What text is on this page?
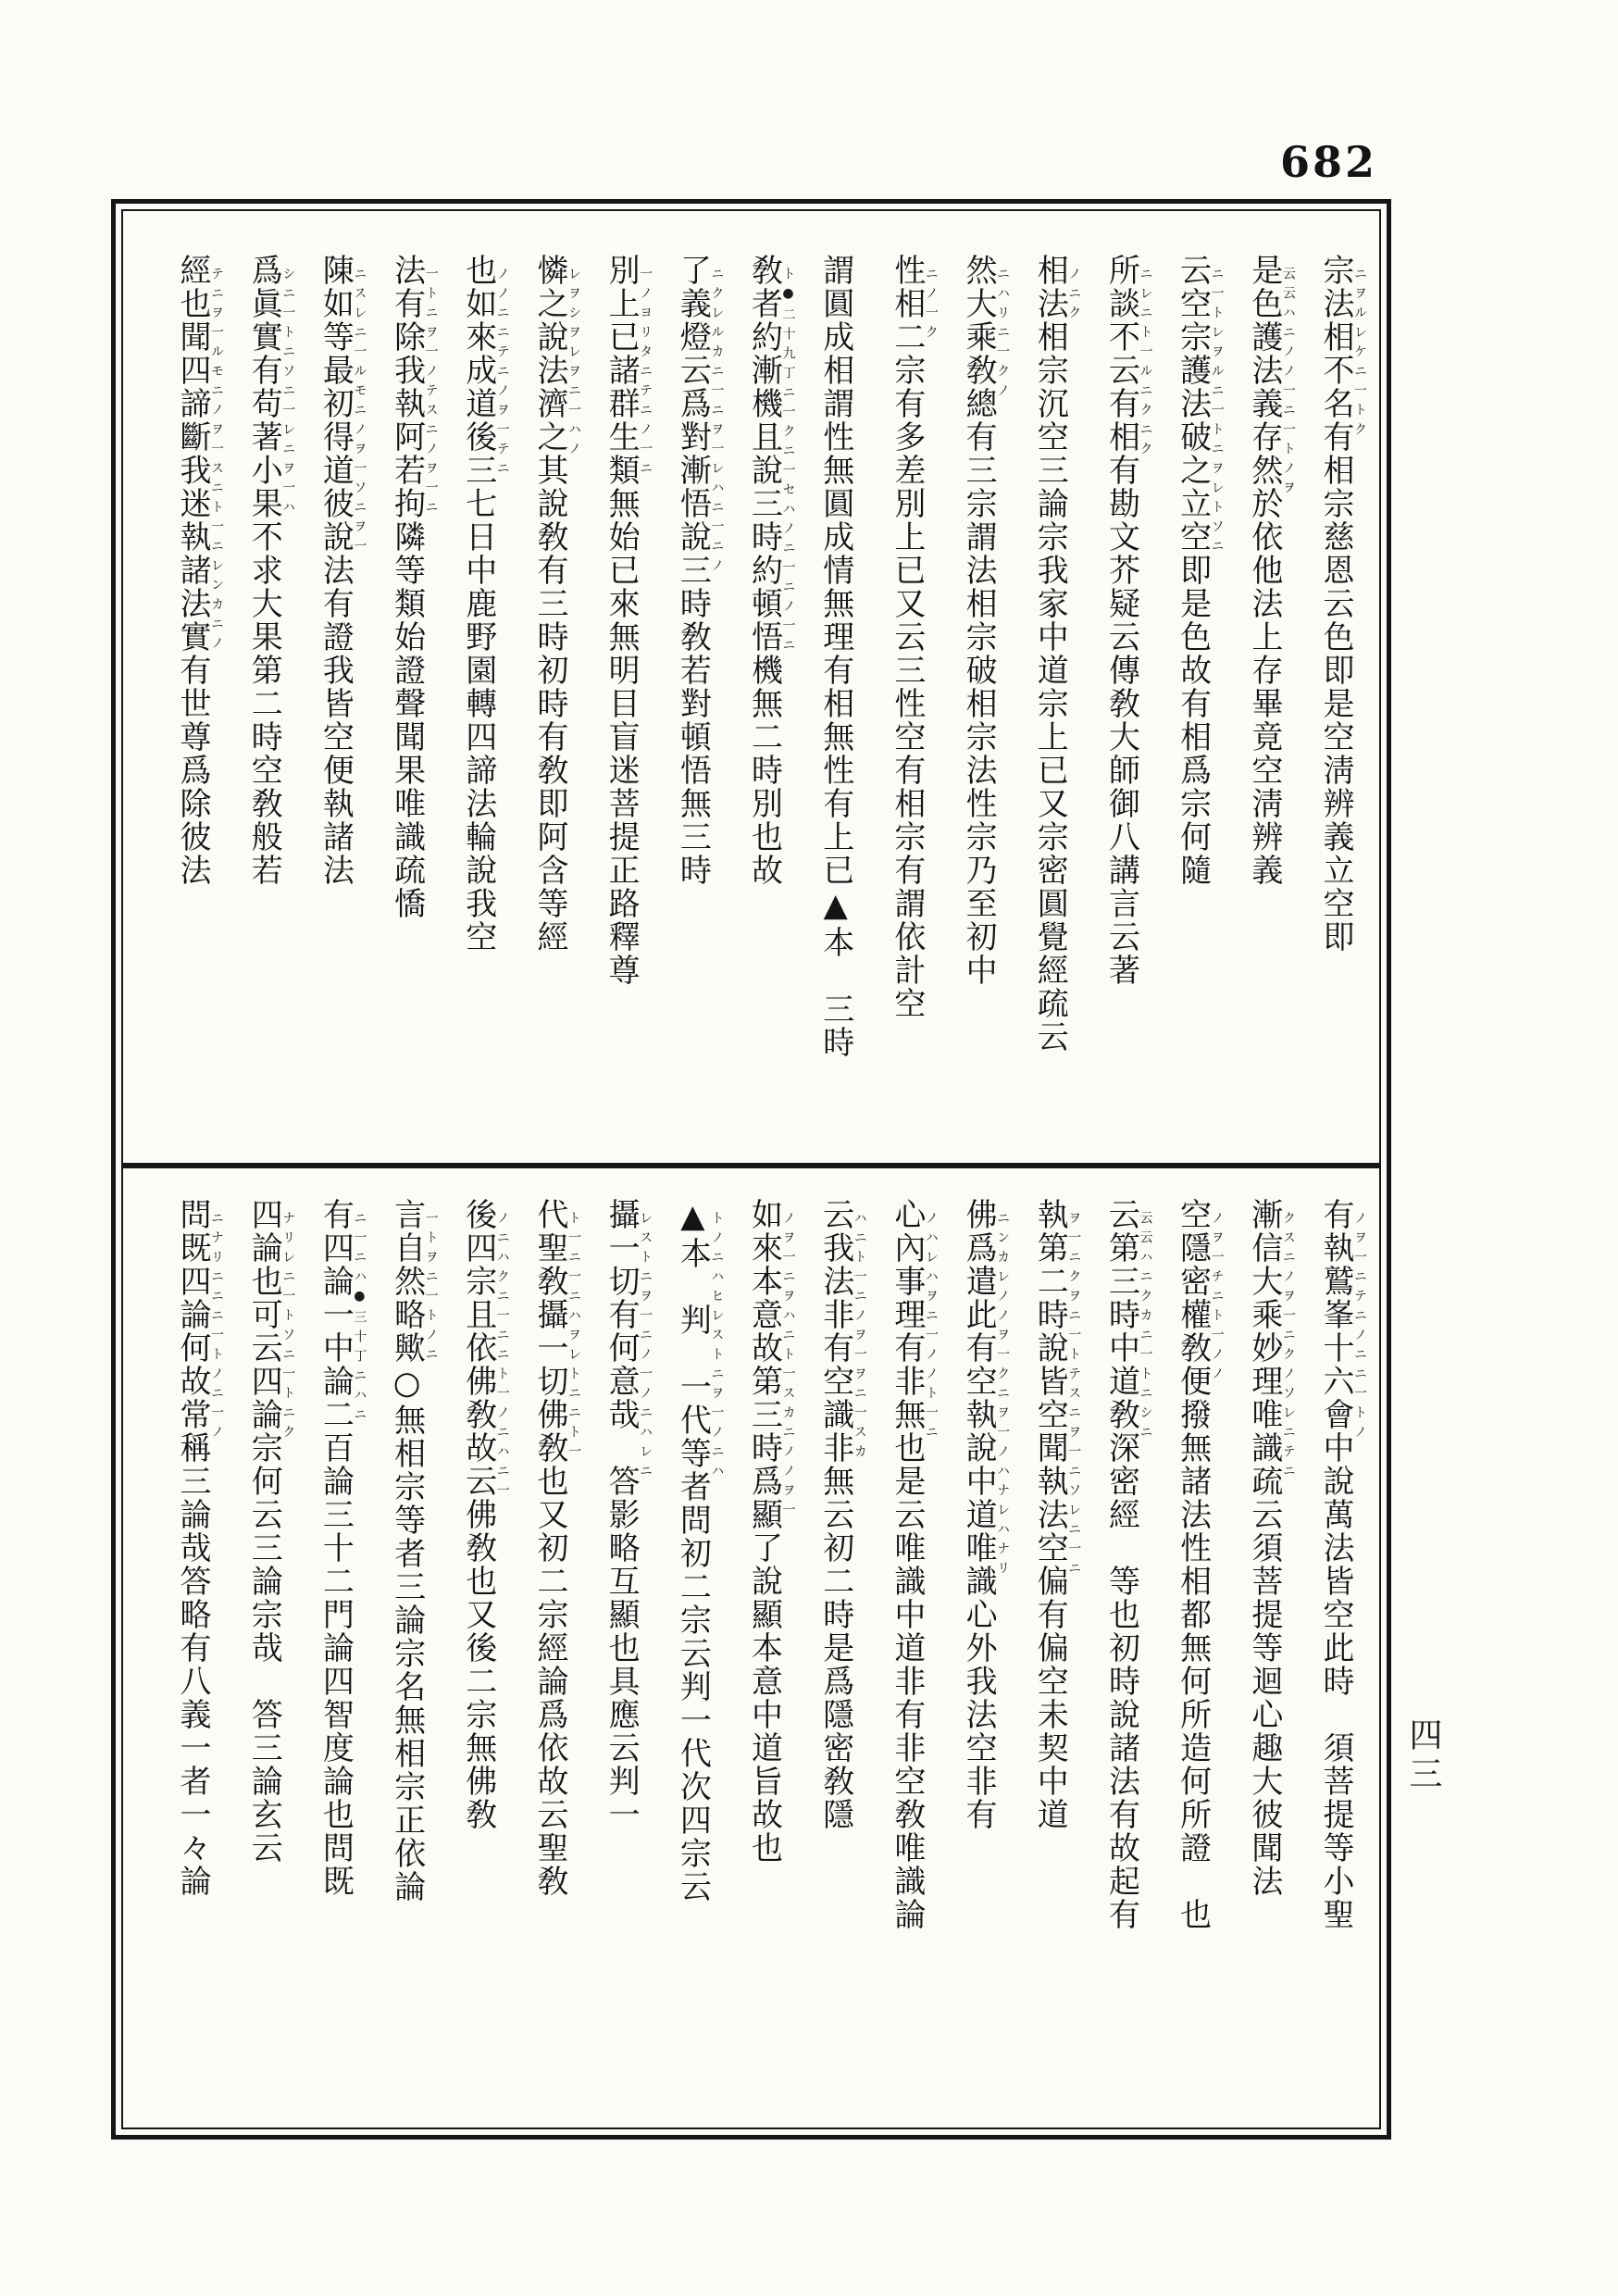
682
宗法相不名有相宗慈恩云色即是空淸辨義立空即
ニヲルレケニ一トク
是色護法義存然於依他法上存畢竟空淸辨義
云云ハニノノ一ニ一トノヲ
云空宗護法破之立空即是色故有相爲宗何隨
ニ一トレヲルニ一トニヲレトソニ
所談不云有相有勘文芥疑云傳敎大師御八講言云著
ニレニト一ルニクニク
相法相宗沉空三論宗我家中道宗上已又宗密圓覺經疏云
ノニク
然大乘敎總有三宗謂法相宗破相宗法性宗乃至初中
ニハリニ一クノ
性相二宗有多差別上已又云三性空有相宗有謂依計空
ニノ一ク
謂圓成相謂性無圓成情無理有相無性有上已▲本　三時
敎者約漸機且說三時約頓悟機無二時別也故
ト●二十九丁ニ一クニ一セハノニ一ニノ一ニ
了義燈云爲對漸悟說三時敎若對頓悟無三時
ニクレルカニ一ニヲ一レハニ一ニノ
別上已諸群生類無始已來無明目盲迷菩提正路釋尊
一ノヨリタニテニノ一ニ
憐之說法濟之其說敎有三時初時有敎即阿含等經
レヲシヲレヲニ一ハノ
也如來成道後三七日中鹿野園轉四諦法輪說我空
ノノニニテニノヲ一テニ
法有除我執阿若拘隣等類始證聲聞果唯識疏憍
一トニヲ一ノテスニノヲ一ニ
陳如等最初得道彼說法有證我皆空便執諸法
ニスレニ一ルモニノヲ一ソニヲ一
爲眞實有苟著小果不求大果第二時空敎般若
シニ一トニソニ一レニヲ一ハ
經也聞四諦斷我迷執諸法實有世尊爲除彼法
テニヲ一ルモニノヲ一スニト一ニレンカニノ
有執鷲峯十六會中說萬法皆空此時　須菩提等小聖
ノヲ一ニテニノニニ一トノ
漸信大乘妙理唯識疏云須菩提等迴心趣大彼聞法
クスニノヲ一ニクノソレニテニ
空隱密權敎便撥無諸法性相都無何所造何所證　也
ノヲ一チニト一ノノ
云第三時中道敎深密經　等也初時說諸法有故起有
云云ハニクカニ一トニシニ
執第二時說皆空聞執法空偏有偏空未契中道
ヲ一ニクヲニ一トテスニヲ一ニソレニ一ニ
佛爲遣此有空執說中道唯識心外我法空非有
ニンカレノノヲ一クニヲ一ノハナレハナリ
心內事理有非無也是云唯識中道非有非空敎唯識論
ノハレハヲニ一ノノト一ニ
云我法非有空識非無云初二時是爲隱密敎隱
ハニト一ニノヲ一ヲニ一スカ
如來本意故第三時爲顯了說顯本意中道旨故也
ノヲ一ニヲハニト一スカニノノヲ一
▲本　判　一代等者問初二宗云判一代次四宗云
トノニハヒレストニヲ一ノニハ
攝一切有何意哉　答影略互顯也具應云判一
レストニヲ一ニノ一ノニハレニ
代聖敎攝一切佛敎也又初二宗經論爲依故云聖敎
ト一ニ一ニハヲレトニニト一
後四宗且依佛敎故云佛敎也又後二宗無佛敎
ノニハクニ一ニニト一ノニハニ一
言自然略歟○無相宗等者三論宗名無相宗正依論
一トヲニ一トノニ
有四論一中論二百論三十二門論四智度論也問既
ニ一ニハ●三十丁ニハニ
四論也可云四論宗何云三論宗哉　答三論玄云
ナリレニ一トソニ一トニク
問既四論何故常稱三論哉答略有八義一者一々論
ニナリニニニ一トノニ一ノ
四三
